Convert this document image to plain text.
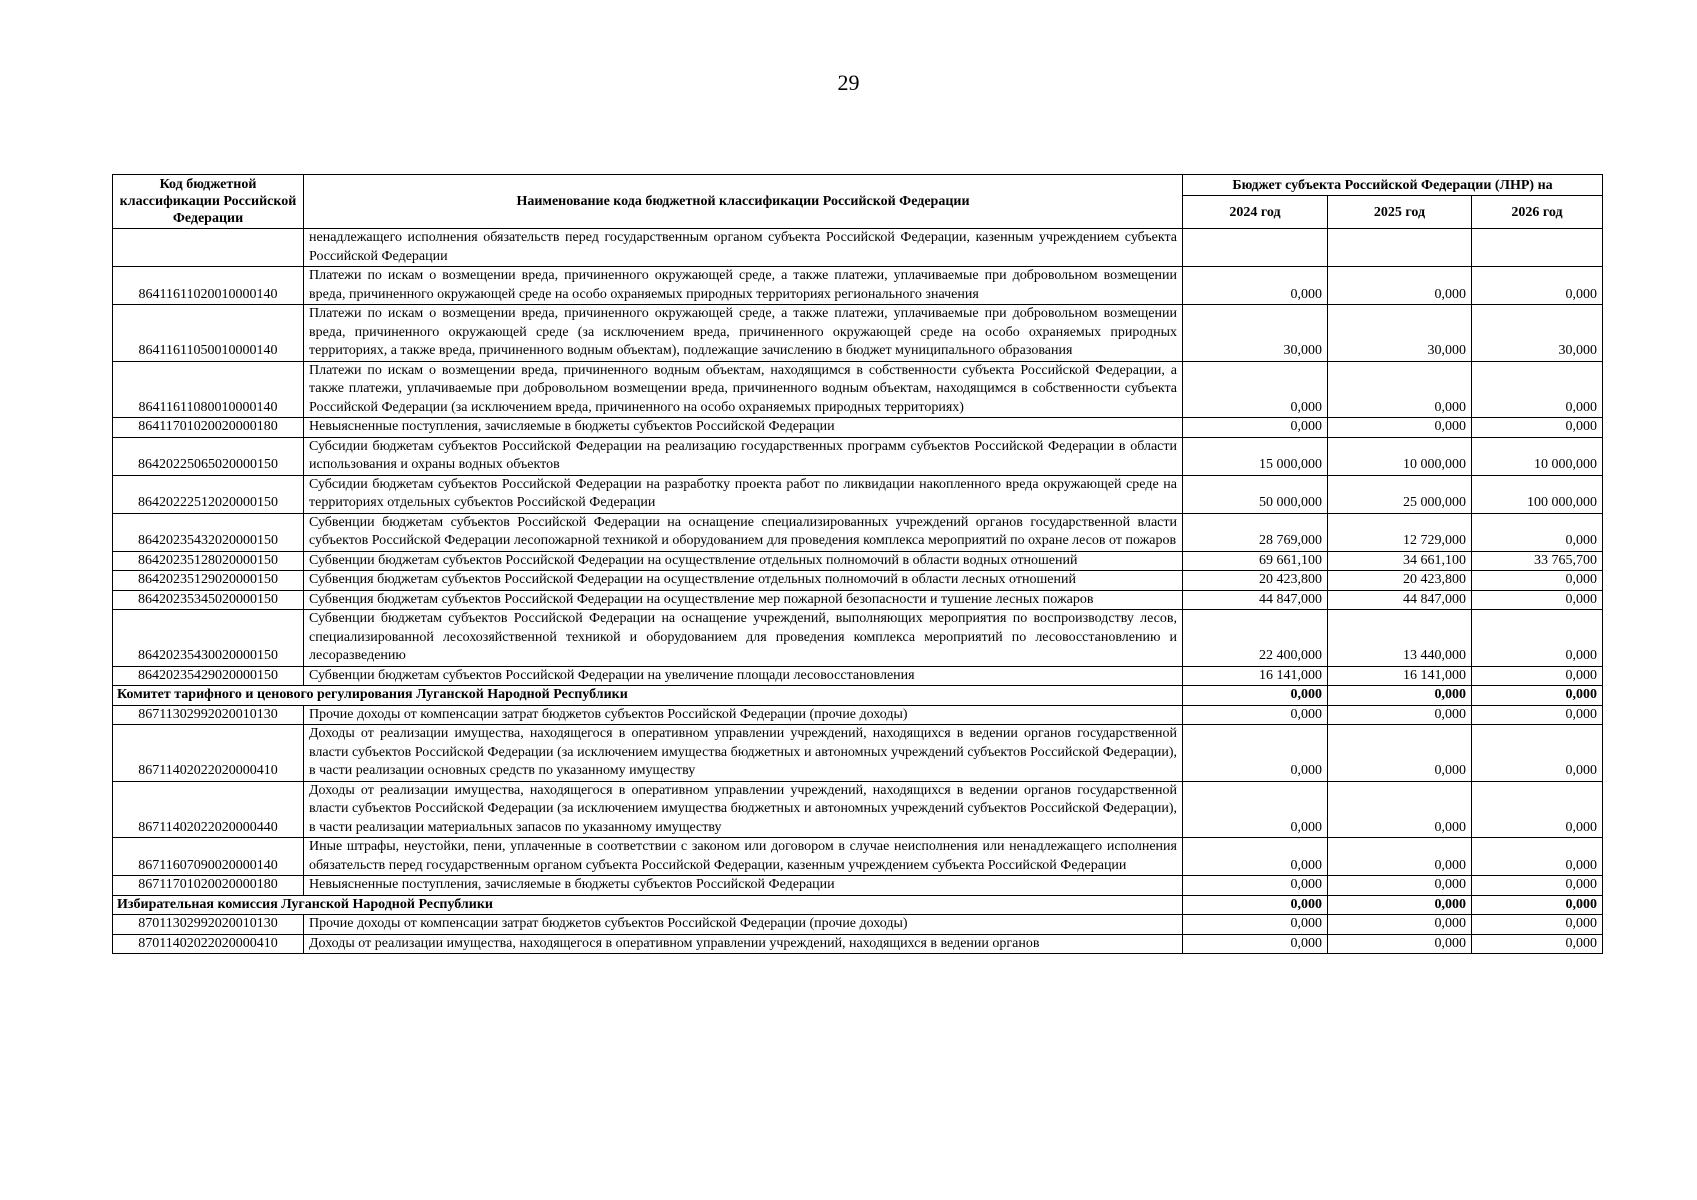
29
Код бюджетной классификации Российской Федерации	Наименование кода бюджетной классификации Российской Федерации	Бюджет субъекта Российской Федерации (ЛНР) на		
		2024 год	2025 год	2026 год
	ненадлежащего исполнения обязательств перед государственным органом субъекта Российской Федерации, казенным учреждением субъекта Российской Федерации			
86411611020010000140	Платежи по искам о возмещении вреда, причиненного окружающей среде, а также платежи, уплачиваемые при добровольном возмещении вреда, причиненного окружающей среде на особо охраняемых природных территориях регионального значения	0,000	0,000	0,000
86411611050010000140	Платежи по искам о возмещении вреда, причиненного окружающей среде, а также платежи, уплачиваемые при добровольном возмещении вреда, причиненного окружающей среде (за исключением вреда, причиненного окружающей среде на особо охраняемых природных территориях, а также вреда, причиненного водным объектам), подлежащие зачислению в бюджет муниципального образования	30,000	30,000	30,000
86411611080010000140	Платежи по искам о возмещении вреда, причиненного водным объектам, находящимся в собственности субъекта Российской Федерации, а также платежи, уплачиваемые при добровольном возмещении вреда, причиненного водным объектам, находящимся в собственности субъекта Российской Федерации (за исключением вреда, причиненного на особо охраняемых природных территориях)	0,000	0,000	0,000
86411701020020000180	Невыясненные поступления, зачисляемые в бюджеты субъектов Российской Федерации	0,000	0,000	0,000
86420225065020000150	Субсидии бюджетам субъектов Российской Федерации на реализацию государственных программ субъектов Российской Федерации в области использования и охраны водных объектов	15 000,000	10 000,000	10 000,000
86420222512020000150	Субсидии бюджетам субъектов Российской Федерации на разработку проекта работ по ликвидации накопленного вреда окружающей среде на территориях отдельных субъектов Российской Федерации	50 000,000	25 000,000	100 000,000
86420235432020000150	Субвенции бюджетам субъектов Российской Федерации на оснащение специализированных учреждений органов государственной власти субъектов Российской Федерации лесопожарной техникой и оборудованием для проведения комплекса мероприятий по охране лесов от пожаров	28 769,000	12 729,000	0,000
86420235128020000150	Субвенции бюджетам субъектов Российской Федерации на осуществление отдельных полномочий в области водных отношений	69 661,100	34 661,100	33 765,700
86420235129020000150	Субвенция бюджетам субъектов Российской Федерации на осуществление отдельных полномочий в области лесных отношений	20 423,800	20 423,800	0,000
86420235345020000150	Субвенция бюджетам субъектов Российской Федерации на осуществление мер пожарной безопасности и тушение лесных пожаров	44 847,000	44 847,000	0,000
86420235430020000150	Субвенции бюджетам субъектов Российской Федерации на оснащение учреждений, выполняющих мероприятия по воспроизводству лесов, специализированной лесохозяйственной техникой и оборудованием для проведения комплекса мероприятий по лесовосстановлению и лесоразведению	22 400,000	13 440,000	0,000
86420235429020000150	Субвенции бюджетам субъектов Российской Федерации на увеличение площади лесовосстановления	16 141,000	16 141,000	0,000
Комитет тарифного и ценового регулирования Луганской Народной Республики		0,000	0,000	0,000
86711302992020010130	Прочие доходы от компенсации затрат бюджетов субъектов Российской Федерации (прочие доходы)	0,000	0,000	0,000
86711402022020000410	Доходы от реализации имущества, находящегося в оперативном управлении учреждений, находящихся в ведении органов государственной власти субъектов Российской Федерации (за исключением имущества бюджетных и автономных учреждений субъектов Российской Федерации), в части реализации основных средств по указанному имуществу	0,000	0,000	0,000
86711402022020000440	Доходы от реализации имущества, находящегося в оперативном управлении учреждений, находящихся в ведении органов государственной власти субъектов Российской Федерации (за исключением имущества бюджетных и автономных учреждений субъектов Российской Федерации), в части реализации материальных запасов по указанному имуществу	0,000	0,000	0,000
86711607090020000140	Иные штрафы, неустойки, пени, уплаченные в соответствии с законом или договором в случае неисполнения или ненадлежащего исполнения обязательств перед государственным органом субъекта Российской Федерации, казенным учреждением субъекта Российской Федерации	0,000	0,000	0,000
86711701020020000180	Невыясненные поступления, зачисляемые в бюджеты субъектов Российской Федерации	0,000	0,000	0,000
Избирательная комиссия Луганской Народной Республики		0,000	0,000	0,000
87011302992020010130	Прочие доходы от компенсации затрат бюджетов субъектов Российской Федерации (прочие доходы)	0,000	0,000	0,000
87011402022020000410	Доходы от реализации имущества, находящегося в оперативном управлении учреждений, находящихся в ведении органов	0,000	0,000	0,000
